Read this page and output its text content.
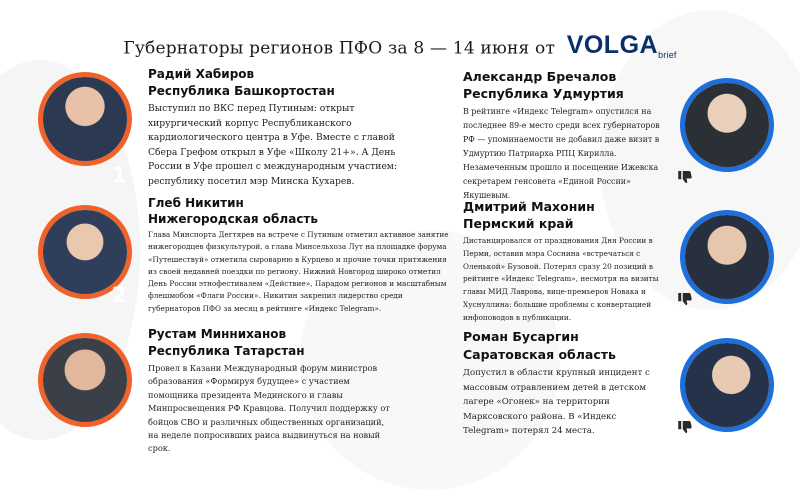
Губернаторы регионов ПФО за 8 — 14 июня от VOLGAbrief
1
Радий Хабиров
Республика Башкортостан
Выступил по ВКС перед Путиным: открыт хирургический корпус Республиканского кардиологического центра в Уфе. Вместе с главой Сбера Грефом открыл в Уфе «Школу 21+». А День России в Уфе прошел с международным участием: республику посетил мэр Минска Кухарев.
2
Глеб Никитин
Нижегородская область
Глава Минспорта Дегтярев на встрече с Путиным отметил активное занятие нижегородцев физкультурой, а глава Минсельхоза Лут на площадке форума «Путешествуй» отметила сыроварню в Курцево и прочие точки притяжения из своей недавней поездки по региону. Нижний Новгород широко отметил День России этнофестивалем «Действие», Парадом регионов и масштабным флешмобом «Флаги России». Никитин закрепил лидерство среди губернаторов ПФО за месяц в рейтинге «Индекс Telegram».
3
Рустам Минниханов
Республика Татарстан
Провел в Казани Международный форум министров образования «Формируя будущее» с участием помощника президента Мединского и главы Минпросвещения РФ Кравцова. Получил поддержку от бойцов СВО и различных общественных организаций, на неделе попросивших раиса выдвинуться на новый срок.
Александр Бречалов
Республика Удмуртия
В рейтинге «Индекс Telegram» опустился на последнее 89-е место среди всех губернаторов РФ — упоминаемости не добавил даже визит в Удмуртию Патриарха РПЦ Кирилла. Незамеченным прошло и посещение Ижевска секретарем генсовета «Единой России» Якушевым.
Дмитрий Махонин
Пермский край
Дистанцировался от празднования Дня России в Перми, оставив мэра Соснина «встречаться с Оленькой» Бузовой. Потерял сразу 20 позиций в рейтинге «Индекс Telegram», несмотря на визиты главы МИД Лаврова, вице-премьеров Новака и Хуснуллина: большие проблемы с конвертацией инфоповодов в публикации.
Роман Бусаргин
Саратовская область
Допустил в области крупный инцидент с массовым отравлением детей в детском лагере «Огонек» на территории Марксовского района. В «Индекс Telegram» потерял 24 места.
